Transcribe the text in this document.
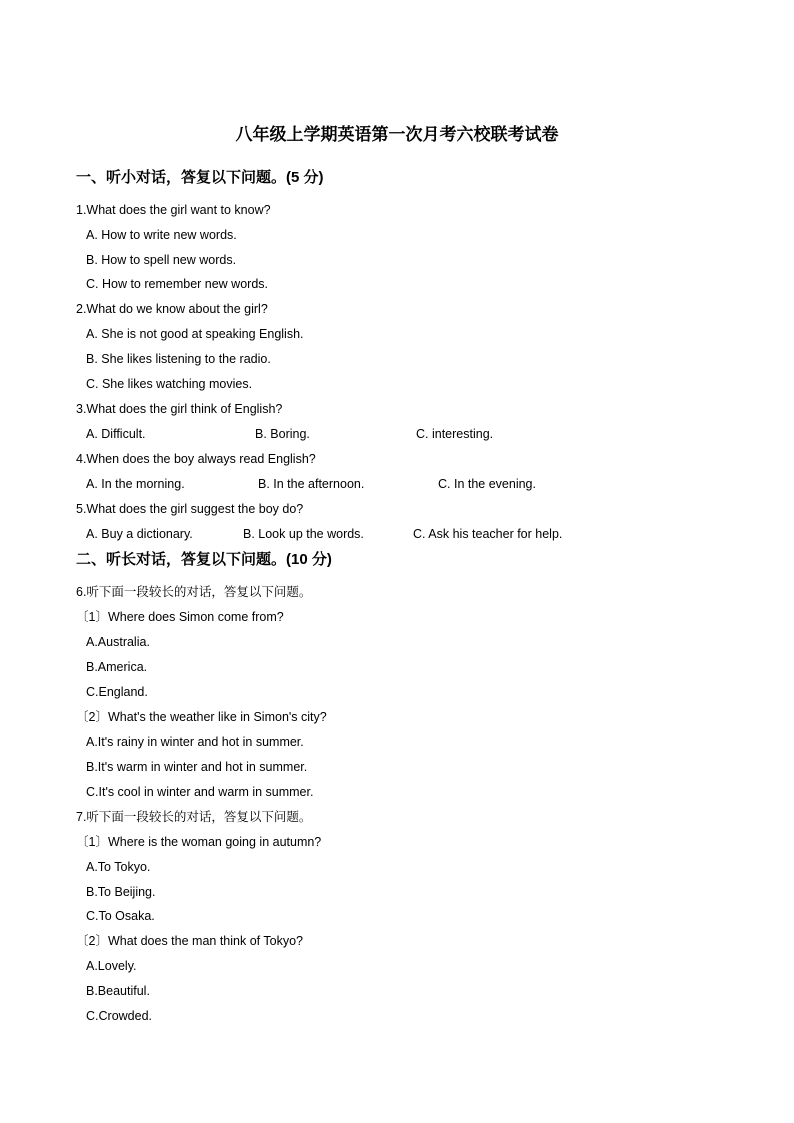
八年级上学期英语第一次月考六校联考试卷
一、听小对话，答复以下问题。(5 分)
1.What does the girl want to know?
A. How to write new words.
B. How to spell new words.
C. How to remember new words.
2.What do we know about the girl?
A. She is not good at speaking English.
B. She likes listening to the radio.
C. She likes watching movies.
3.What does the girl think of English?
A. Difficult.	B. Boring.	C. interesting.
4.When does the boy always read English?
A. In the morning.	B. In the afternoon.	C. In the evening.
5.What does the girl suggest the boy do?
A. Buy a dictionary.	B. Look up the words.	C. Ask his teacher for help.
二、听长对话，答复以下问题。(10 分)
6.听下面一段较长的对话，答复以下问题。
〔1〕Where does Simon come from?
A.Australia.
B.America.
C.England.
〔2〕What's the weather like in Simon's city?
A.It's rainy in winter and hot in summer.
B.It's warm in winter and hot in summer.
C.It's cool in winter and warm in summer.
7.听下面一段较长的对话，答复以下问题。
〔1〕Where is the woman going in autumn?
A.To Tokyo.
B.To Beijing.
C.To Osaka.
〔2〕What does the man think of Tokyo?
A.Lovely.
B.Beautiful.
C.Crowded.
